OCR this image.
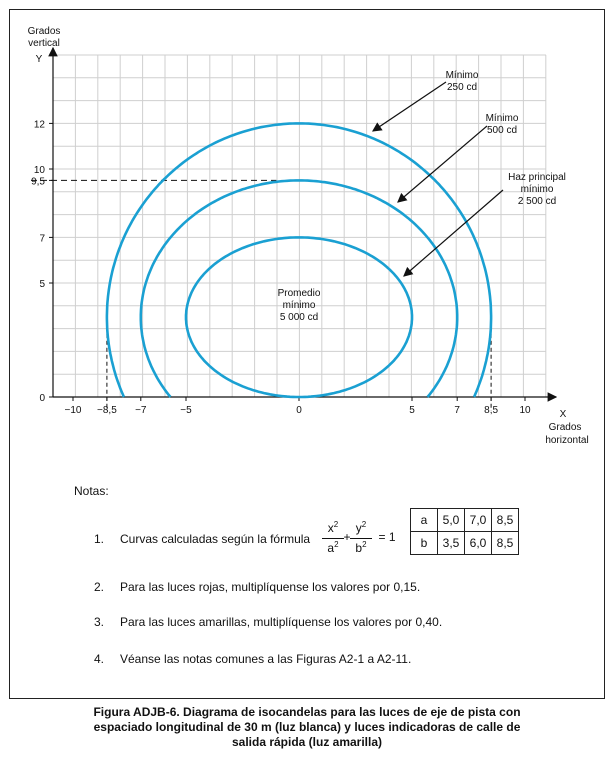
−10 −8,5 −7	−5	0	5	7 8,5 10
0
5
7
9,5
10
12
Grados
vertical
Y
X
Grados
horizontal
Mínimo
250 cd
Mínimo
500 cd
Haz principal
mínimo
2 500 cd
Promedio
mínimo
5 000 cd
Notas:
1. Curvas calculadas según la fórmula
$x^2$
$a^2$
+
$y^2$
$b^2$
= 1
a	5,0	7,0	8,5
b	3,5	6,0	8,5
2. Para las luces rojas, multiplíquense los valores por 0,15.
3. Para las luces amarillas, multiplíquense los valores por 0,40.
4. Véanse las notas comunes a las Figuras A2-1 a A2-11.
Figura ADJB-6. Diagrama de isocandelas para las luces de eje de pista con
espaciado longitudinal de 30 m (luz blanca) y luces indicadoras de calle de
salida rápida (luz amarilla)
